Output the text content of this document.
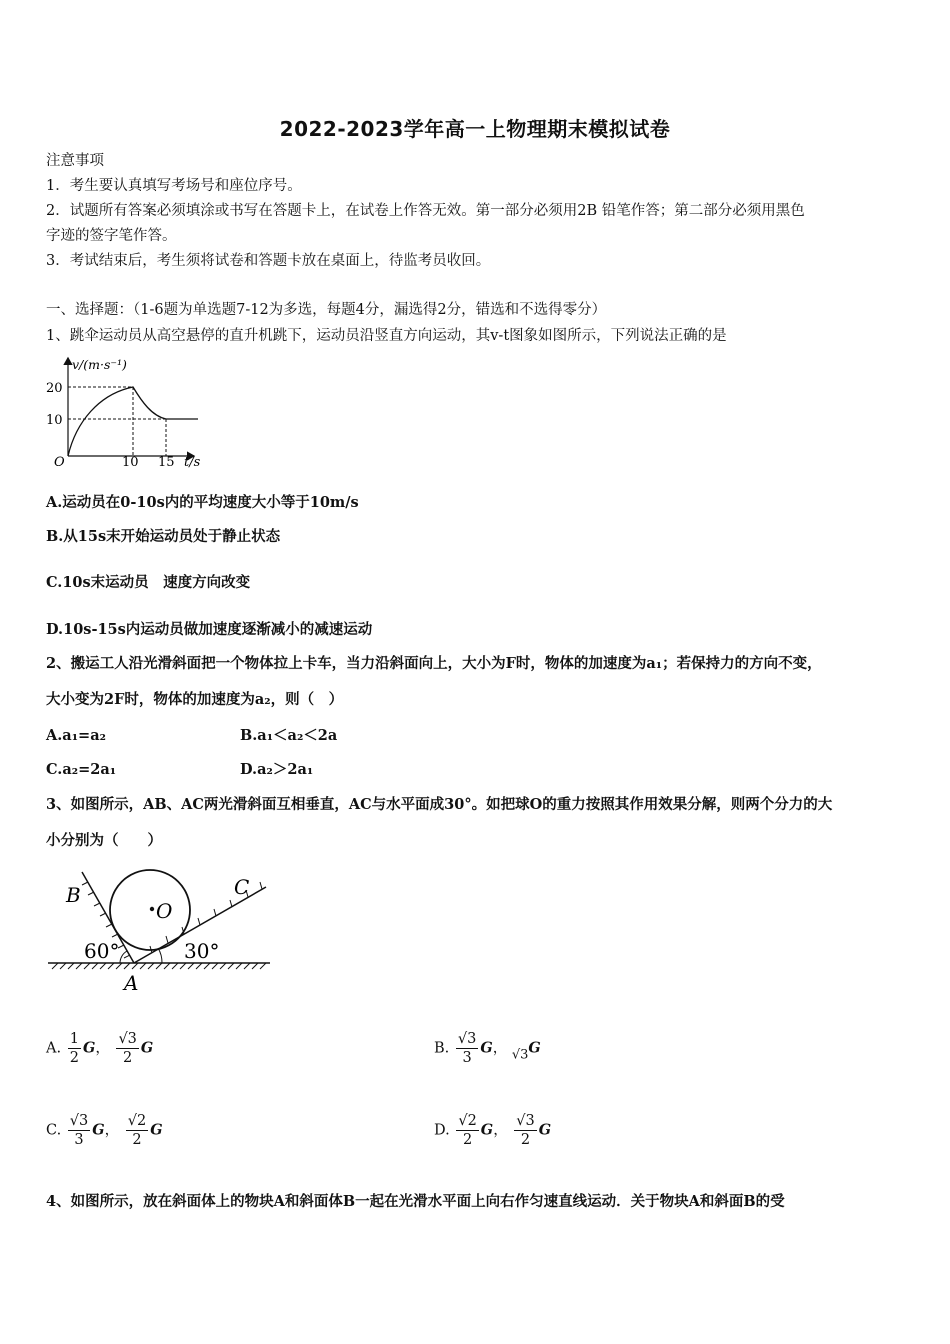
2022-2023学年高一上物理期末模拟试卷
注意事项
1．考生要认真填写考场号和座位序号。
2．试题所有答案必须填涂或书写在答题卡上，在试卷上作答无效。第一部分必须用2B 铅笔作答；第二部分必须用黑色
字迹的签字笔作答。
3．考试结束后，考生须将试卷和答题卡放在桌面上，待监考员收回。
一、选择题：（1-6题为单选题7-12为多选，每题4分，漏选得2分，错选和不选得零分）
1、跳伞运动员从高空悬停的直升机跳下，运动员沿竖直方向运动，其v-t图象如图所示，下列说法正确的是
v/(m·s⁻¹)
O
20
10
10 15 t/s
A.运动员在0-10s内的平均速度大小等于10m/s
B.从15s末开始运动员处于静止状态
C.10s末运动员　速度方向改变
D.10s-15s内运动员做加速度逐渐减小的减速运动
2、搬运工人沿光滑斜面把一个物体拉上卡车，当力沿斜面向上，大小为F时，物体的加速度为a₁；若保持力的方向不变，
大小变为2F时，物体的加速度为a₂，则（　）
A.a₁=a₂	B.a₁＜a₂＜2a
C.a₂=2a₁	D.a₂＞2a₁
3、如图所示，AB、AC两光滑斜面互相垂直，AC与水平面成30°。如把球O的重力按照其作用效果分解，则两个分力的大
小分别为（　　）
B	C
O
A
60°	30°
A. $\frac{1}{2}$ G， $\frac{√3}{2}$ G	B. $\frac{√3}{3}$ G， √3G
C. $\frac{√3}{3}$ G， $\frac{√2}{2}$ G	D. $\frac{√2}{2}$ G， $\frac{√3}{2}$ G
4、如图所示，放在斜面体上的物块A和斜面体B一起在光滑水平面上向右作匀速直线运动．关于物块A和斜面B的受
